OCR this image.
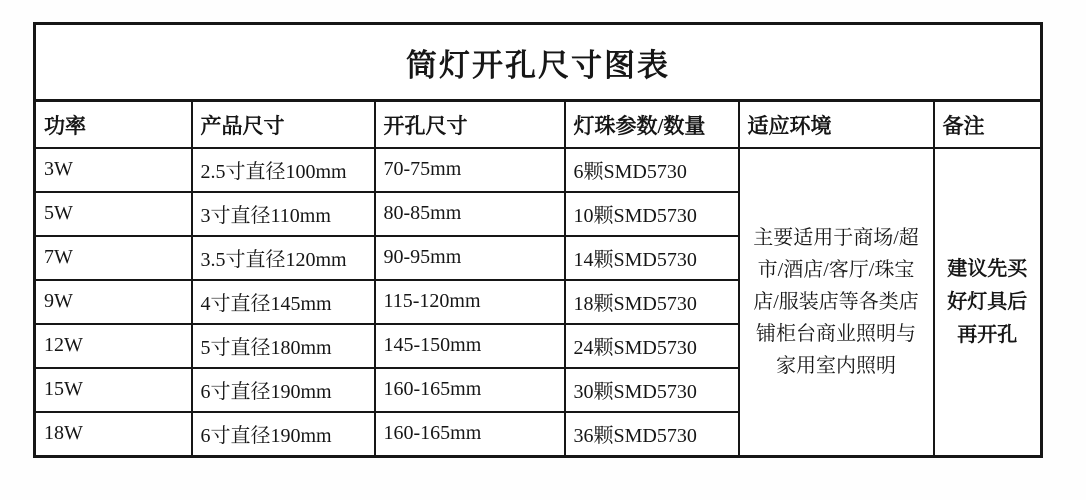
筒灯开孔尺寸图表					
功率	产品尺寸	开孔尺寸	灯珠参数/数量	适应环境	备注
3W	2.5寸直径100mm	70-75mm	6颗SMD5730	主要适用于商场/超市/酒店/客厅/珠宝店/服装店等各类店铺柜台商业照明与家用室内照明	建议先买好灯具后再开孔
5W	3寸直径110mm	80-85mm	10颗SMD5730		
7W	3.5寸直径120mm	90-95mm	14颗SMD5730		
9W	4寸直径145mm	115-120mm	18颗SMD5730		
12W	5寸直径180mm	145-150mm	24颗SMD5730		
15W	6寸直径190mm	160-165mm	30颗SMD5730		
18W	6寸直径190mm	160-165mm	36颗SMD5730		
